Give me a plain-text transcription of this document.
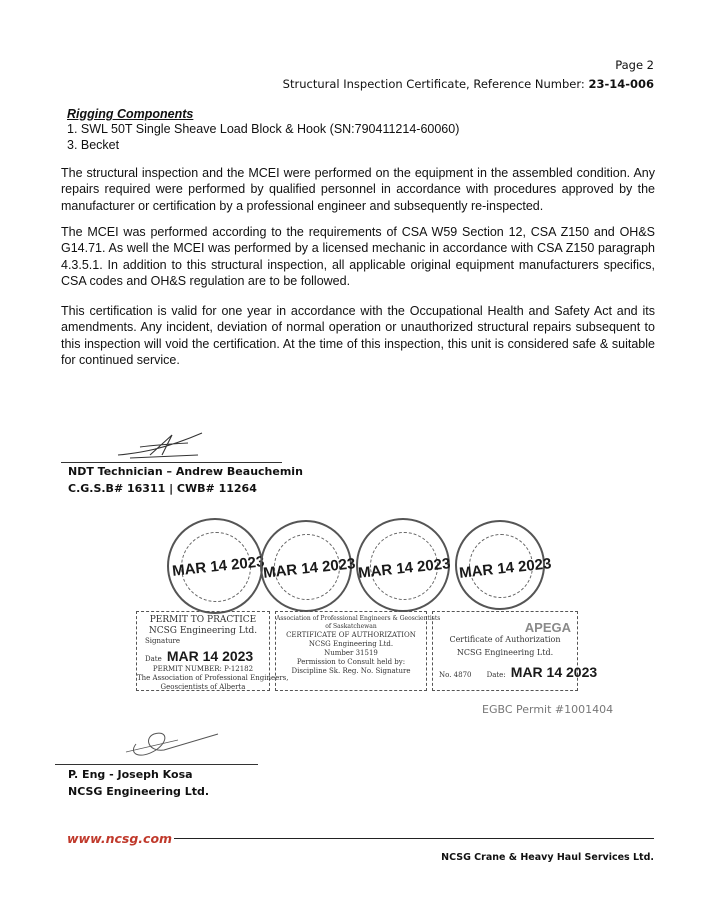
Page 2
Structural Inspection Certificate, Reference Number: 23-14-006
Rigging Components
1. SWL 50T Single Sheave Load Block & Hook (SN:790411214-60060)
3. Becket
The structural inspection and the MCEI were performed on the equipment in the assembled condition. Any repairs required were performed by qualified personnel in accordance with procedures approved by the manufacturer or certification by a professional engineer and subsequently re-inspected.
The MCEI was performed according to the requirements of CSA W59 Section 12, CSA Z150 and OH&S G14.71. As well the MCEI was performed by a licensed mechanic in accordance with CSA Z150 paragraph 4.3.5.1. In addition to this structural inspection, all applicable original equipment manufacturers specifics, CSA codes and OH&S regulation are to be followed.
This certification is valid for one year in accordance with the Occupational Health and Safety Act and its amendments. Any incident, deviation of normal operation or unauthorized structural repairs subsequent to this inspection will void the certification. At the time of this inspection, this unit is considered safe & suitable for continued service.
NDT Technician – Andrew Beauchemin
C.G.S.B# 16311 | CWB# 11264
MAR 14 2023
MAR 14 2023 MAR 14 2023 MAR 14 2023
PERMIT TO PRACTICE
NCSG Engineering Ltd.
Signature
Date MAR 14 2023
PERMIT NUMBER: P-12182
The Association of Professional Engineers,
Geoscientists of Alberta
Association of Professional Engineers & Geoscientists
of Saskatchewan
CERTIFICATE OF AUTHORIZATION
NCSG Engineering Ltd.
Number 31519
Permission to Consult held by:
Discipline Sk. Reg. No. Signature
APEGA
Certificate of Authorization
NCSG Engineering Ltd.
No. 4870 Date: MAR 14 2023
EGBC Permit #1001404
P. Eng - Joseph Kosa
NCSG Engineering Ltd.
www.ncsg.com
NCSG Crane & Heavy Haul Services Ltd.
